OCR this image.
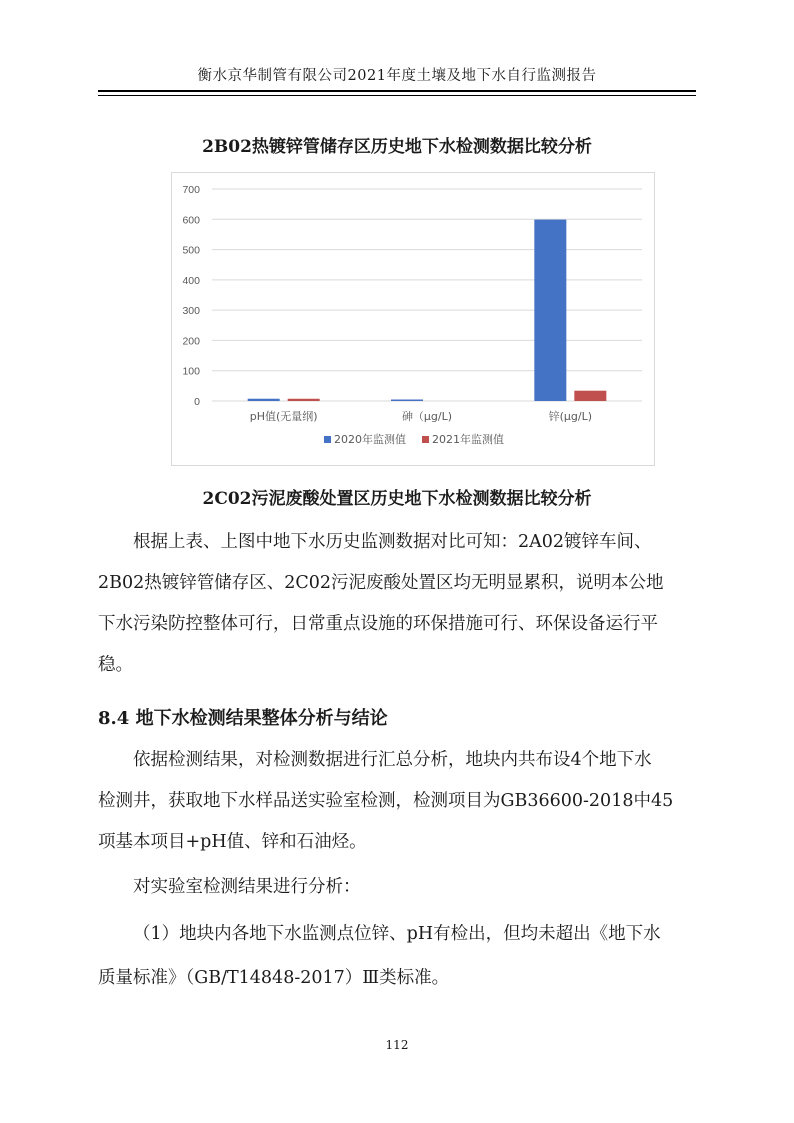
衡水京华制管有限公司2021年度土壤及地下水自行监测报告
2B02热镀锌管储存区历史地下水检测数据比较分析
0
100
200
300
400
500
600
700
pH值(无量纲)	砷（μg/L)	锌(μg/L)
2020年监测值 2021年监测值
2C02污泥废酸处置区历史地下水检测数据比较分析
根据上表、上图中地下水历史监测数据对比可知：2A02镀锌车间、
2B02热镀锌管储存区、2C02污泥废酸处置区均无明显累积，说明本公地
下水污染防控整体可行，日常重点设施的环保措施可行、环保设备运行平
稳。
8.4 地下水检测结果整体分析与结论
依据检测结果，对检测数据进行汇总分析，地块内共布设4个地下水
检测井，获取地下水样品送实验室检测，检测项目为GB36600-2018中45
项基本项目+pH值、锌和石油烃。
对实验室检测结果进行分析：
（1）地块内各地下水监测点位锌、pH有检出，但均未超出《地下水
质量标准》（GB/T14848-2017）Ⅲ类标准。
112
